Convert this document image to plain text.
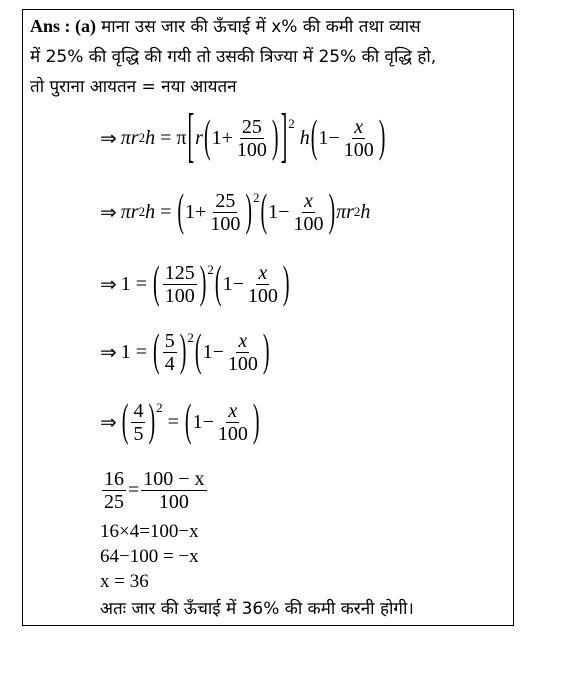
Ans : (a) माना उस जार की ऊँचाई में x% की कमी तथा व्यास
में 25% की वृद्धि की गयी तो उसकी त्रिज्या में 25% की वृद्धि हो,
तो पुराना आयतन = नया आयतन
⇒ πr 2 h = π [ r ( $1+ \frac{25}{100}$ ) ]$^2$

h ( $1- \frac{x}{100}$ )
⇒ πr 2 h = ( $1+ \frac{25}{100} )^2$ ( $1- \frac{x}{100}$ ) πr 2 h
⇒ 1 = ( $\frac{125}{100} )^2$ ( $1- \frac{x}{100}$ )
⇒ 1 = ( $\frac{5}{4} )^2$ ( $1- \frac{x}{100}$ )
⇒ ( $\frac{4}{5} )^2$
= ( $1- \frac{x}{100}$ )
$\frac{16}{25} = \frac{100 - x}{100}$
16×4=100−x
64−100 = −x
x = 36
अतः जार की ऊँचाई में 36% की कमी करनी होगी।
